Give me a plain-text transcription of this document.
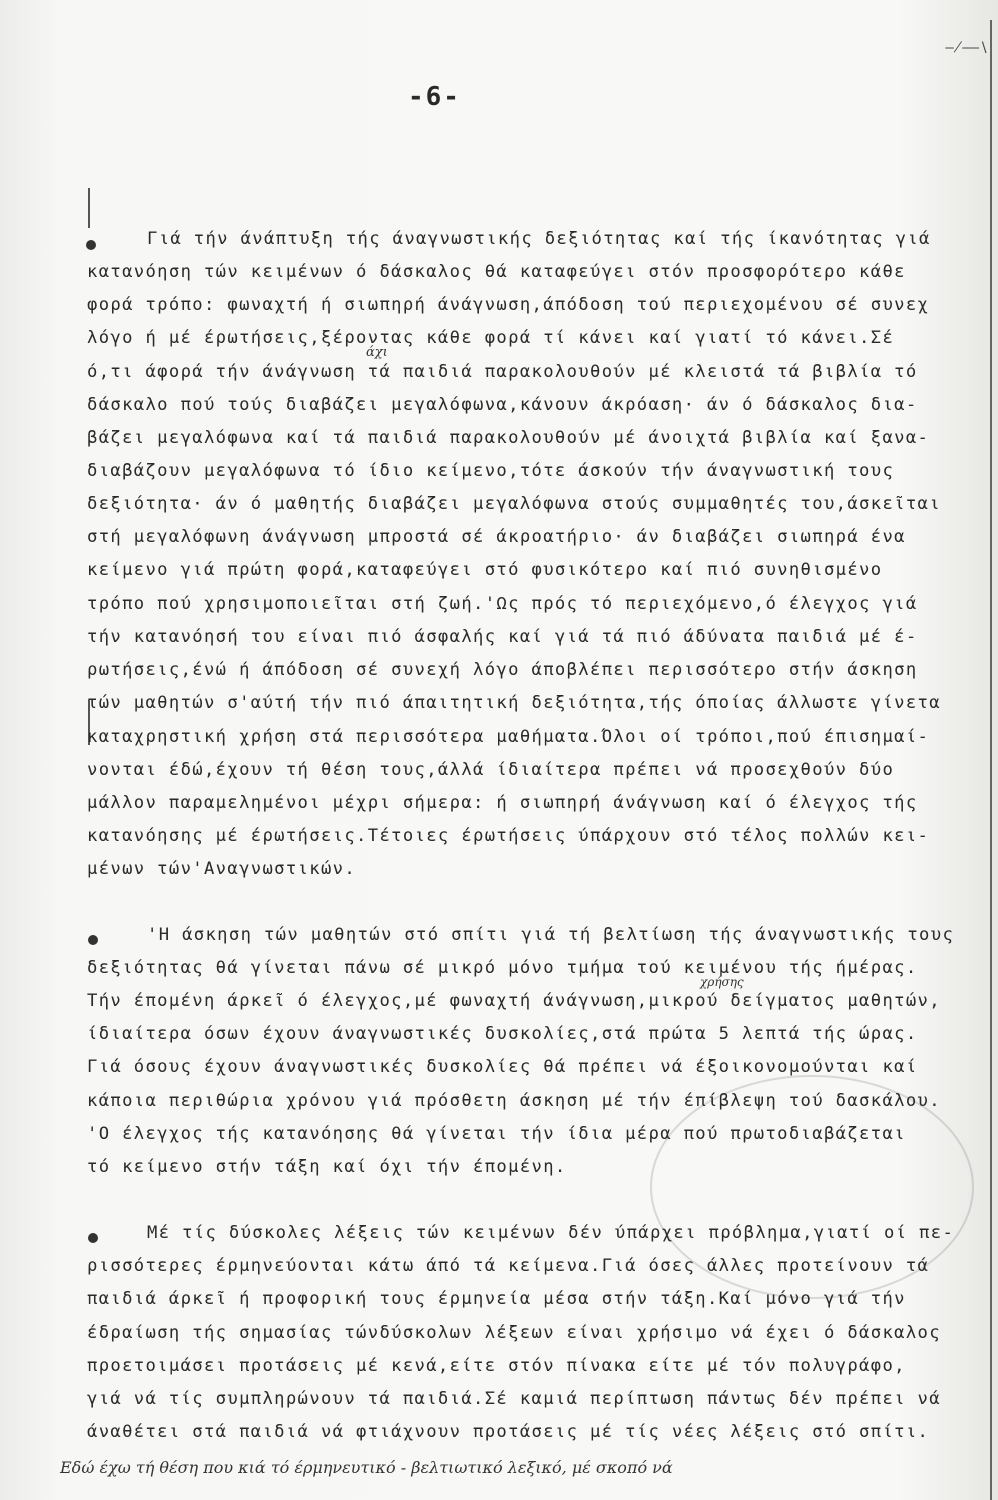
—̸——∖
-6-
Γιά τήν άνάπτυξη τής άναγνωστικής δεξιότητας καί τής ίκανότητας γιά
κατανόηση τών κειμένων ό δάσκαλος θά καταφεύγει στόν προσφορότερο κάθε
φορά τρόπο: φωναχτή ή σιωπηρή άνάγνωση,άπόδοση τού περιεχομένου σέ συνεχ
λόγο ή μέ έρωτήσεις,ξέροντας κάθε φορά τί κάνει καί γιατί τό κάνει.Σέ
άχι
ό,τι άφορά τήν άνάγνωση τά παιδιά παρακολουθούν μέ κλειστά τά βιβλία τό
δάσκαλο πού τούς διαβάζει μεγαλόφωνα,κάνουν άκρόαση· άν ό δάσκαλος δια-
βάζει μεγαλόφωνα καί τά παιδιά παρακολουθούν μέ άνοιχτά βιβλία καί ξανα-
διαβάζουν μεγαλόφωνα τό ίδιο κείμενο,τότε άσκούν τήν άναγνωστική τους
δεξιότητα· άν ό μαθητής διαβάζει μεγαλόφωνα στούς συμμαθητές του,άσκεῖται
στή μεγαλόφωνη άνάγνωση μπροστά σέ άκροατήριο· άν διαβάζει σιωπηρά ένα
κείμενο γιά πρώτη φορά,καταφεύγει στό φυσικότερο καί πιό συνηθισμένο
τρόπο πού χρησιμοποιεῖται στή ζωή.'Ως πρός τό περιεχόμενο,ό έλεγχος γιά
τήν κατανόησή του είναι πιό άσφαλής καί γιά τά πιό άδύνατα παιδιά μέ έ-
ρωτήσεις,ένώ ή άπόδοση σέ συνεχή λόγο άποβλέπει περισσότερο στήν άσκηση
τών μαθητών σ'αύτή τήν πιό άπαιτητική δεξιότητα,τής όποίας άλλωστε γίνετα
καταχρηστική χρήση στά περισσότερα μαθήματα.Όλοι οί τρόποι,πού έπισημαί-
νονται έδώ,έχουν τή θέση τους,άλλά ίδιαίτερα πρέπει νά προσεχθούν δύο
μάλλον παραμελημένοι μέχρι σήμερα: ή σιωπηρή άνάγνωση καί ό έλεγχος τής
κατανόησης μέ έρωτήσεις.Τέτοιες έρωτήσεις ύπάρχουν στό τέλος πολλών κει-
μένων τών'Αναγνωστικών.
'Η άσκηση τών μαθητών στό σπίτι γιά τή βελτίωση τής άναγνωστικής τους
δεξιότητας θά γίνεται πάνω σέ μικρό μόνο τμήμα τού κειμένου τής ήμέρας.
χρήσης
Τήν έπομένη άρκεῖ ό έλεγχος,μέ φωναχτή άνάγνωση,μικρού δείγματος μαθητών,
ίδιαίτερα όσων έχουν άναγνωστικές δυσκολίες,στά πρώτα 5 λεπτά τής ώρας.
Γιά όσους έχουν άναγνωστικές δυσκολίες θά πρέπει νά έξοικονομούνται καί
κάποια περιθώρια χρόνου γιά πρόσθετη άσκηση μέ τήν έπίβλεψη τού δασκάλου.
'Ο έλεγχος τής κατανόησης θά γίνεται τήν ίδια μέρα πού πρωτοδιαβάζεται
τό κείμενο στήν τάξη καί όχι τήν έπομένη.
Μέ τίς δύσκολες λέξεις τών κειμένων δέν ύπάρχει πρόβλημα,γιατί οί πε-
ρισσότερες έρμηνεύονται κάτω άπό τά κείμενα.Γιά όσες άλλες προτείνουν τά
παιδιά άρκεῖ ή προφορική τους έρμηνεία μέσα στήν τάξη.Καί μόνο γιά τήν
έδραίωση τής σημασίας τώνδύσκολων λέξεων είναι χρήσιμο νά έχει ό δάσκαλος
προετοιμάσει προτάσεις μέ κενά,είτε στόν πίνακα είτε μέ τόν πολυγράφο,
γιά νά τίς συμπληρώνουν τά παιδιά.Σέ καμιά περίπτωση πάντως δέν πρέπει νά
άναθέτει στά παιδιά νά φτιάχνουν προτάσεις μέ τίς νέες λέξεις στό σπίτι.
Εδώ έχω τή θέση που κιά τό έρμηνευτικό - βελτιωτικό λεξικό, μέ σκοπό νά
